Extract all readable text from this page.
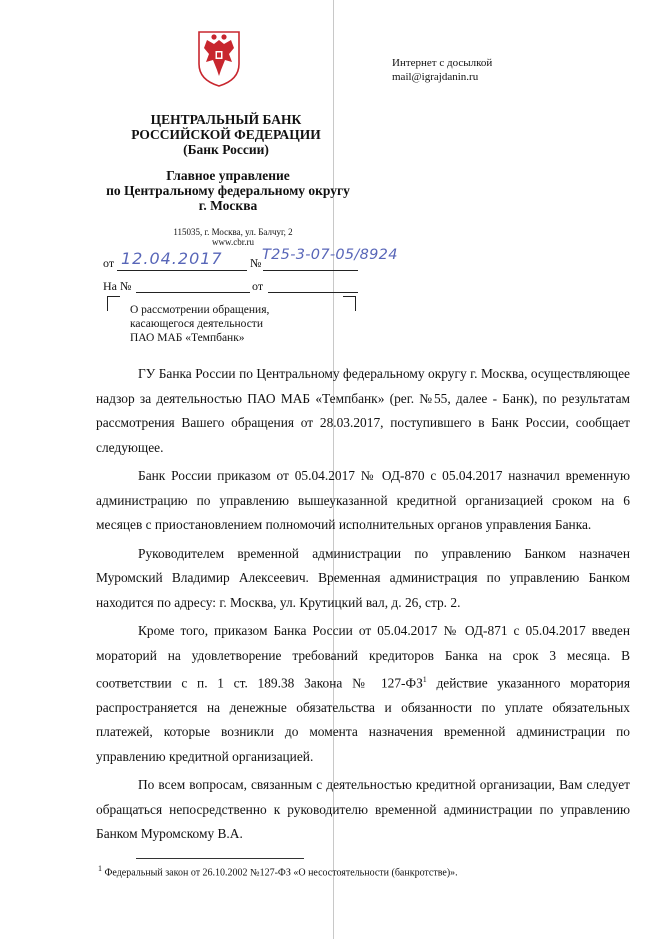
ЦЕНТРАЛЬНЫЙ БАНК
РОССИЙСКОЙ ФЕДЕРАЦИИ
(Банк России)
Главное управление
по Центральному федеральному округу
г. Москва
115035, г. Москва, ул. Балчуг, 2
www.cbr.ru
от 12.04.2017 № Т25-3-07-05/8924
На №	от
Интернет с досылкой
mail@igrajdanin.ru
О рассмотрении обращения,
касающегося деятельности
ПАО МАБ «Темпбанк»

ГУ Банка России по Центральному федеральному округу г. Москва, осуществляющее надзор за деятельностью ПАО МАБ «Темпбанк» (рег. №55, далее - Банк), по результатам рассмотрения Вашего обращения от 28.03.2017, поступившего в Банк России, сообщает следующее.

Банк России приказом от 05.04.2017 № ОД-870 с 05.04.2017 назначил временную администрацию по управлению вышеуказанной кредитной организацией сроком на 6 месяцев с приостановлением полномочий исполнительных органов управления Банка.

Руководителем временной администрации по управлению Банком назначен Муромский Владимир Алексеевич. Временная администрация по управлению Банком находится по адресу: г. Москва, ул. Крутицкий вал, д. 26, стр. 2.

Кроме того, приказом Банка России от 05.04.2017 № ОД-871 с 05.04.2017 введен мораторий на удовлетворение требований кредиторов Банка на срок 3 месяца. В соответствии с п. 1 ст. 189.38 Закона № $127-ФЗ^1$ действие указанного моратория распространяется на денежные обязательства и обязанности по уплате обязательных платежей, которые возникли до момента назначения временной администрации по управлению кредитной организацией.

По всем вопросам, связанным с деятельностью кредитной организации, Вам следует обращаться непосредственно к руководителю временной администрации по управлению Банком Муромскому В.А.

$^1$ Федеральный закон от 26.10.2002 №127-ФЗ «О несостоятельности (банкротстве)».
